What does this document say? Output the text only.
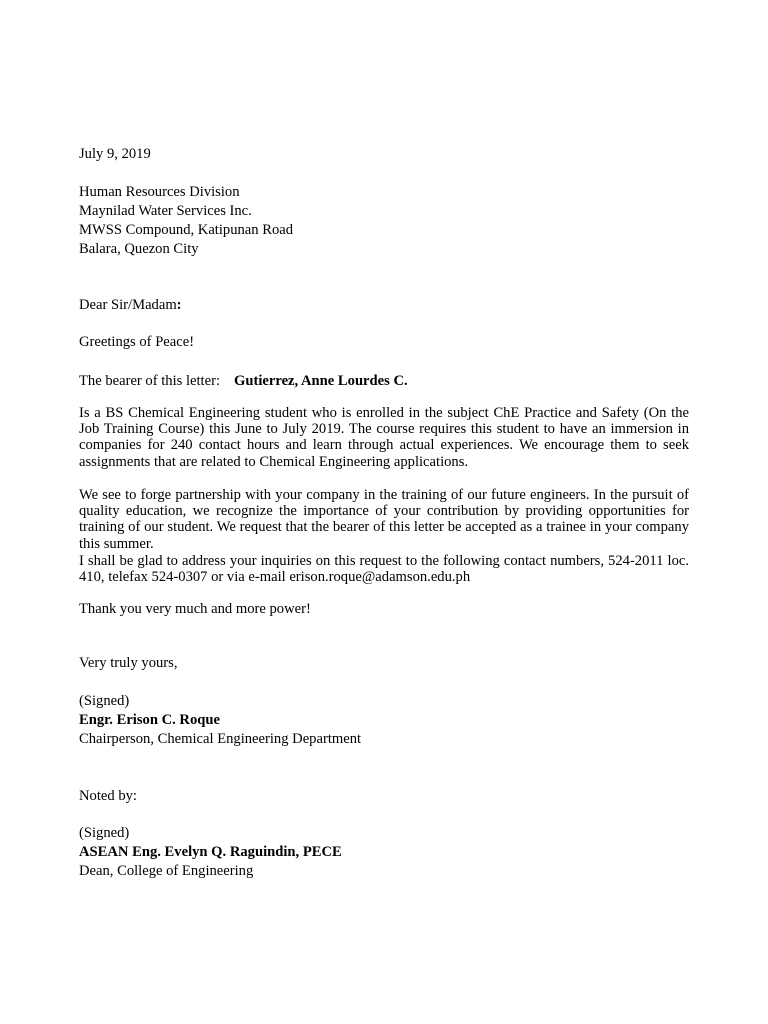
July 9, 2019
Human Resources Division
Maynilad Water Services Inc.
MWSS Compound, Katipunan Road
Balara, Quezon City
Dear Sir/Madam:
Greetings of Peace!
The bearer of this letter: Gutierrez, Anne Lourdes C.
Is a BS Chemical Engineering student who is enrolled in the subject ChE Practice and Safety (On the Job Training Course) this June to July 2019. The course requires this student to have an immersion in companies for 240 contact hours and learn through actual experiences. We encourage them to seek assignments that are related to Chemical Engineering applications.
We see to forge partnership with your company in the training of our future engineers. In the pursuit of quality education, we recognize the importance of your contribution by providing opportunities for training of our student. We request that the bearer of this letter be accepted as a trainee in your company this summer.
I shall be glad to address your inquiries on this request to the following contact numbers, 524-2011 loc. 410, telefax 524-0307 or via e-mail erison.roque@adamson.edu.ph
Thank you very much and more power!
Very truly yours,
(Signed)
Engr. Erison C. Roque
Chairperson, Chemical Engineering Department
Noted by:
(Signed)
ASEAN Eng. Evelyn Q. Raguindin, PECE
Dean, College of Engineering
